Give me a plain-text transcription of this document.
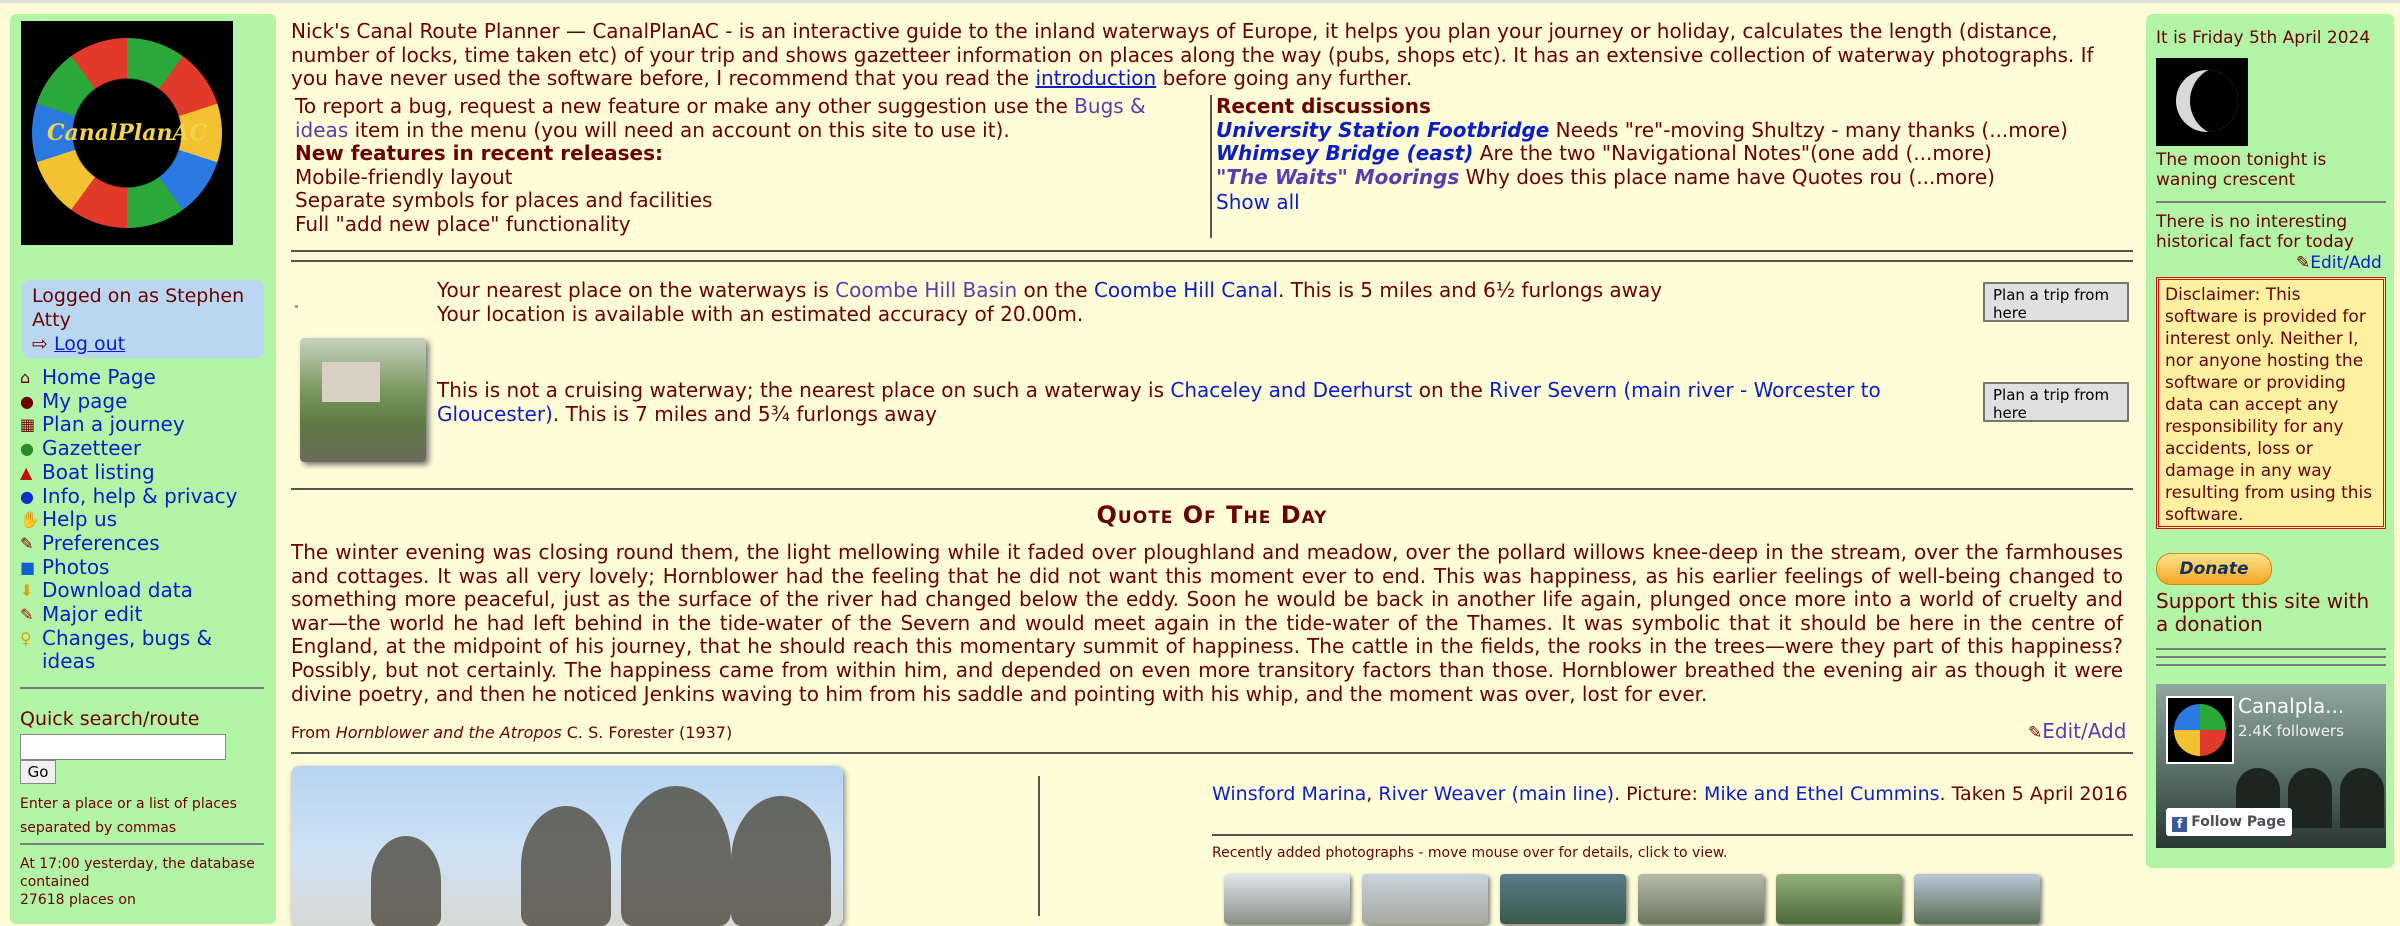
CanalPlanAC
Logged on as Stephen Atty
⇨ Log out
⌂ Home Page
● My page
▦ Plan a journey
● Gazetteer
▲ Boat listing
● Info, help & privacy
✋ Help us
✎ Preferences
■ Photos
⬇ Download data
✎ Major edit
♀ Changes, bugs & ideas
Quick search/route
Go
Enter a place or a list of places separated by commas
At 17:00 yesterday, the database contained
27618 places on
Nick's Canal Route Planner — CanalPlanAC - is an interactive guide to the inland waterways of Europe, it helps you plan your journey or holiday, calculates the length (distance, number of locks, time taken etc) of your trip and shows gazetteer information on places along the way (pubs, shops etc). It has an extensive collection of waterway photographs. If you have never used the software before, I recommend that you read the introduction before going any further.
To report a bug, request a new feature or make any other suggestion use the Bugs & ideas item in the menu (you will need an account on this site to use it).
New features in recent releases:
Mobile-friendly layout
Separate symbols for places and facilities
Full "add new place" functionality
Recent discussions
University Station Footbridge Needs "re"-moving Shultzy - many thanks (...more)
Whimsey Bridge (east) Are the two "Navigational Notes"(one add (...more)
"The Waits" Moorings Why does this place name have Quotes rou (...more)
Show all
Your nearest place on the waterways is Coombe Hill Basin on the Coombe Hill Canal. This is 5 miles and 6½ furlongs away
Your location is available with an estimated accuracy of 20.00m.
Plan a trip from here
This is not a cruising waterway; the nearest place on such a waterway is Chaceley and Deerhurst on the River Severn (main river - Worcester to Gloucester). This is 7 miles and 5¾ furlongs away
Plan a trip from here
Quote Of The Day
The winter evening was closing round them, the light mellowing while it faded over ploughland and meadow, over the pollard willows knee-deep in the stream, over the farmhouses and cottages. It was all very lovely; Hornblower had the feeling that he did not want this moment ever to end. This was happiness, as his earlier feelings of well-being changed to something more peaceful, just as the surface of the river had changed below the eddy. Soon he would be back in another life again, plunged once more into a world of cruelty and war—the world he had left behind in the tide-water of the Severn and would meet again in the tide-water of the Thames. It was symbolic that it should be here in the centre of England, at the midpoint of his journey, that he should reach this momentary summit of happiness. The cattle in the fields, the rooks in the trees—were they part of this happiness? Possibly, but not certainly. The happiness came from within him, and depended on even more transitory factors than those. Hornblower breathed the evening air as though it were divine poetry, and then he noticed Jenkins waving to him from his saddle and pointing with his whip, and the moment was over, lost for ever.
From Hornblower and the Atropos C. S. Forester (1937)	✎Edit/Add
Winsford Marina, River Weaver (main line). Picture: Mike and Ethel Cummins. Taken 5 April 2016
Recently added photographs - move mouse over for details, click to view.
It is Friday 5th April 2024
The moon tonight is waning crescent
There is no interesting historical fact for today
✎Edit/Add
Disclaimer: This software is provided for interest only. Neither I, nor anyone hosting the software or providing data can accept any responsibility for any accidents, loss or damage in any way resulting from using this software.
Donate
Support this site with a donation
Canalpla...
2.4K followers
f Follow Page
